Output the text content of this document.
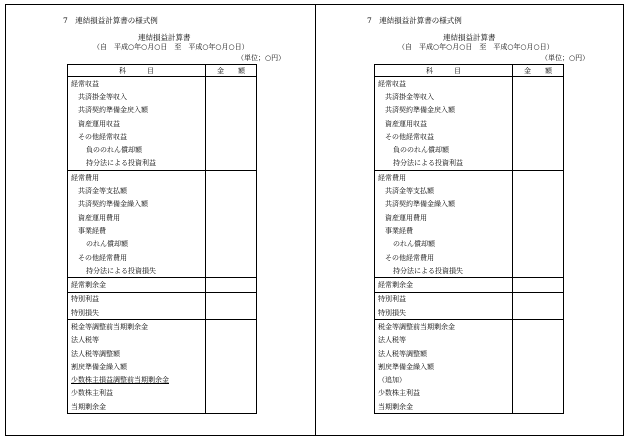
7　連結損益計算書の様式例
連結損益計算書
（自　平成○年○月○日　至　平成○年○月○日）
（単位；○円）
科　　　目	金　　額
経常収益	
共済掛金等収入	
共済契約準備金戻入額	
資産運用収益	
その他経常収益	
負ののれん償却額	
持分法による投資利益	
経常費用	
共済金等支払額	
共済契約準備金繰入額	
資産運用費用	
事業経費	
のれん償却額	
その他経常費用	
持分法による投資損失	
経常剰余金	
特別利益	
特別損失	
税金等調整前当期剰余金	
法人税等	
法人税等調整額	
割戻準備金繰入額	
少数株主損益調整前当期剰余金	
少数株主利益	
当期剰余金	
7　連結損益計算書の様式例
連結損益計算書
（自　平成○年○月○日　至　平成○年○月○日）
（単位；○円）
科　　　目	金　　額
経常収益	
共済掛金等収入	
共済契約準備金戻入額	
資産運用収益	
その他経常収益	
負ののれん償却額	
持分法による投資利益	
経常費用	
共済金等支払額	
共済契約準備金繰入額	
資産運用費用	
事業経費	
のれん償却額	
その他経常費用	
持分法による投資損失	
経常剰余金	
特別利益	
特別損失	
税金等調整前当期剰余金	
法人税等	
法人税等調整額	
割戻準備金繰入額	
（追加）	
少数株主利益	
当期剰余金	
